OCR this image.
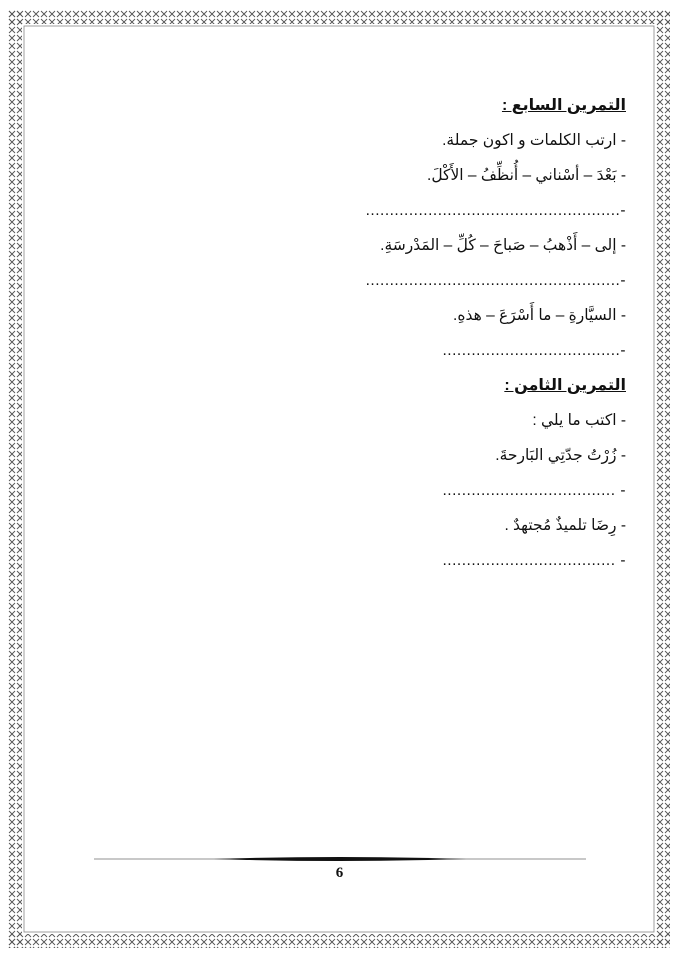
التمرين السابع :
- ارتب الكلمات و اكون جملة.
- بَعْدَ – أسْناني – أُنظِّفُ – الأَكْلَ.
-.....................................................
- إلى – أَذْهبُ – صَباحَ – كُلِّ – المَدْرسَةِ.
-.....................................................
- السيَّارةِ – ما أَسْرَعَ – هذهِ.
-.....................................
التمرين الثامن :
- اكتب ما يلي :
- زُرْتُ جدّتِي البَارحةَ.
- ....................................
- رِضَا تلميذٌ مُجتهدٌ .
- ....................................
6
